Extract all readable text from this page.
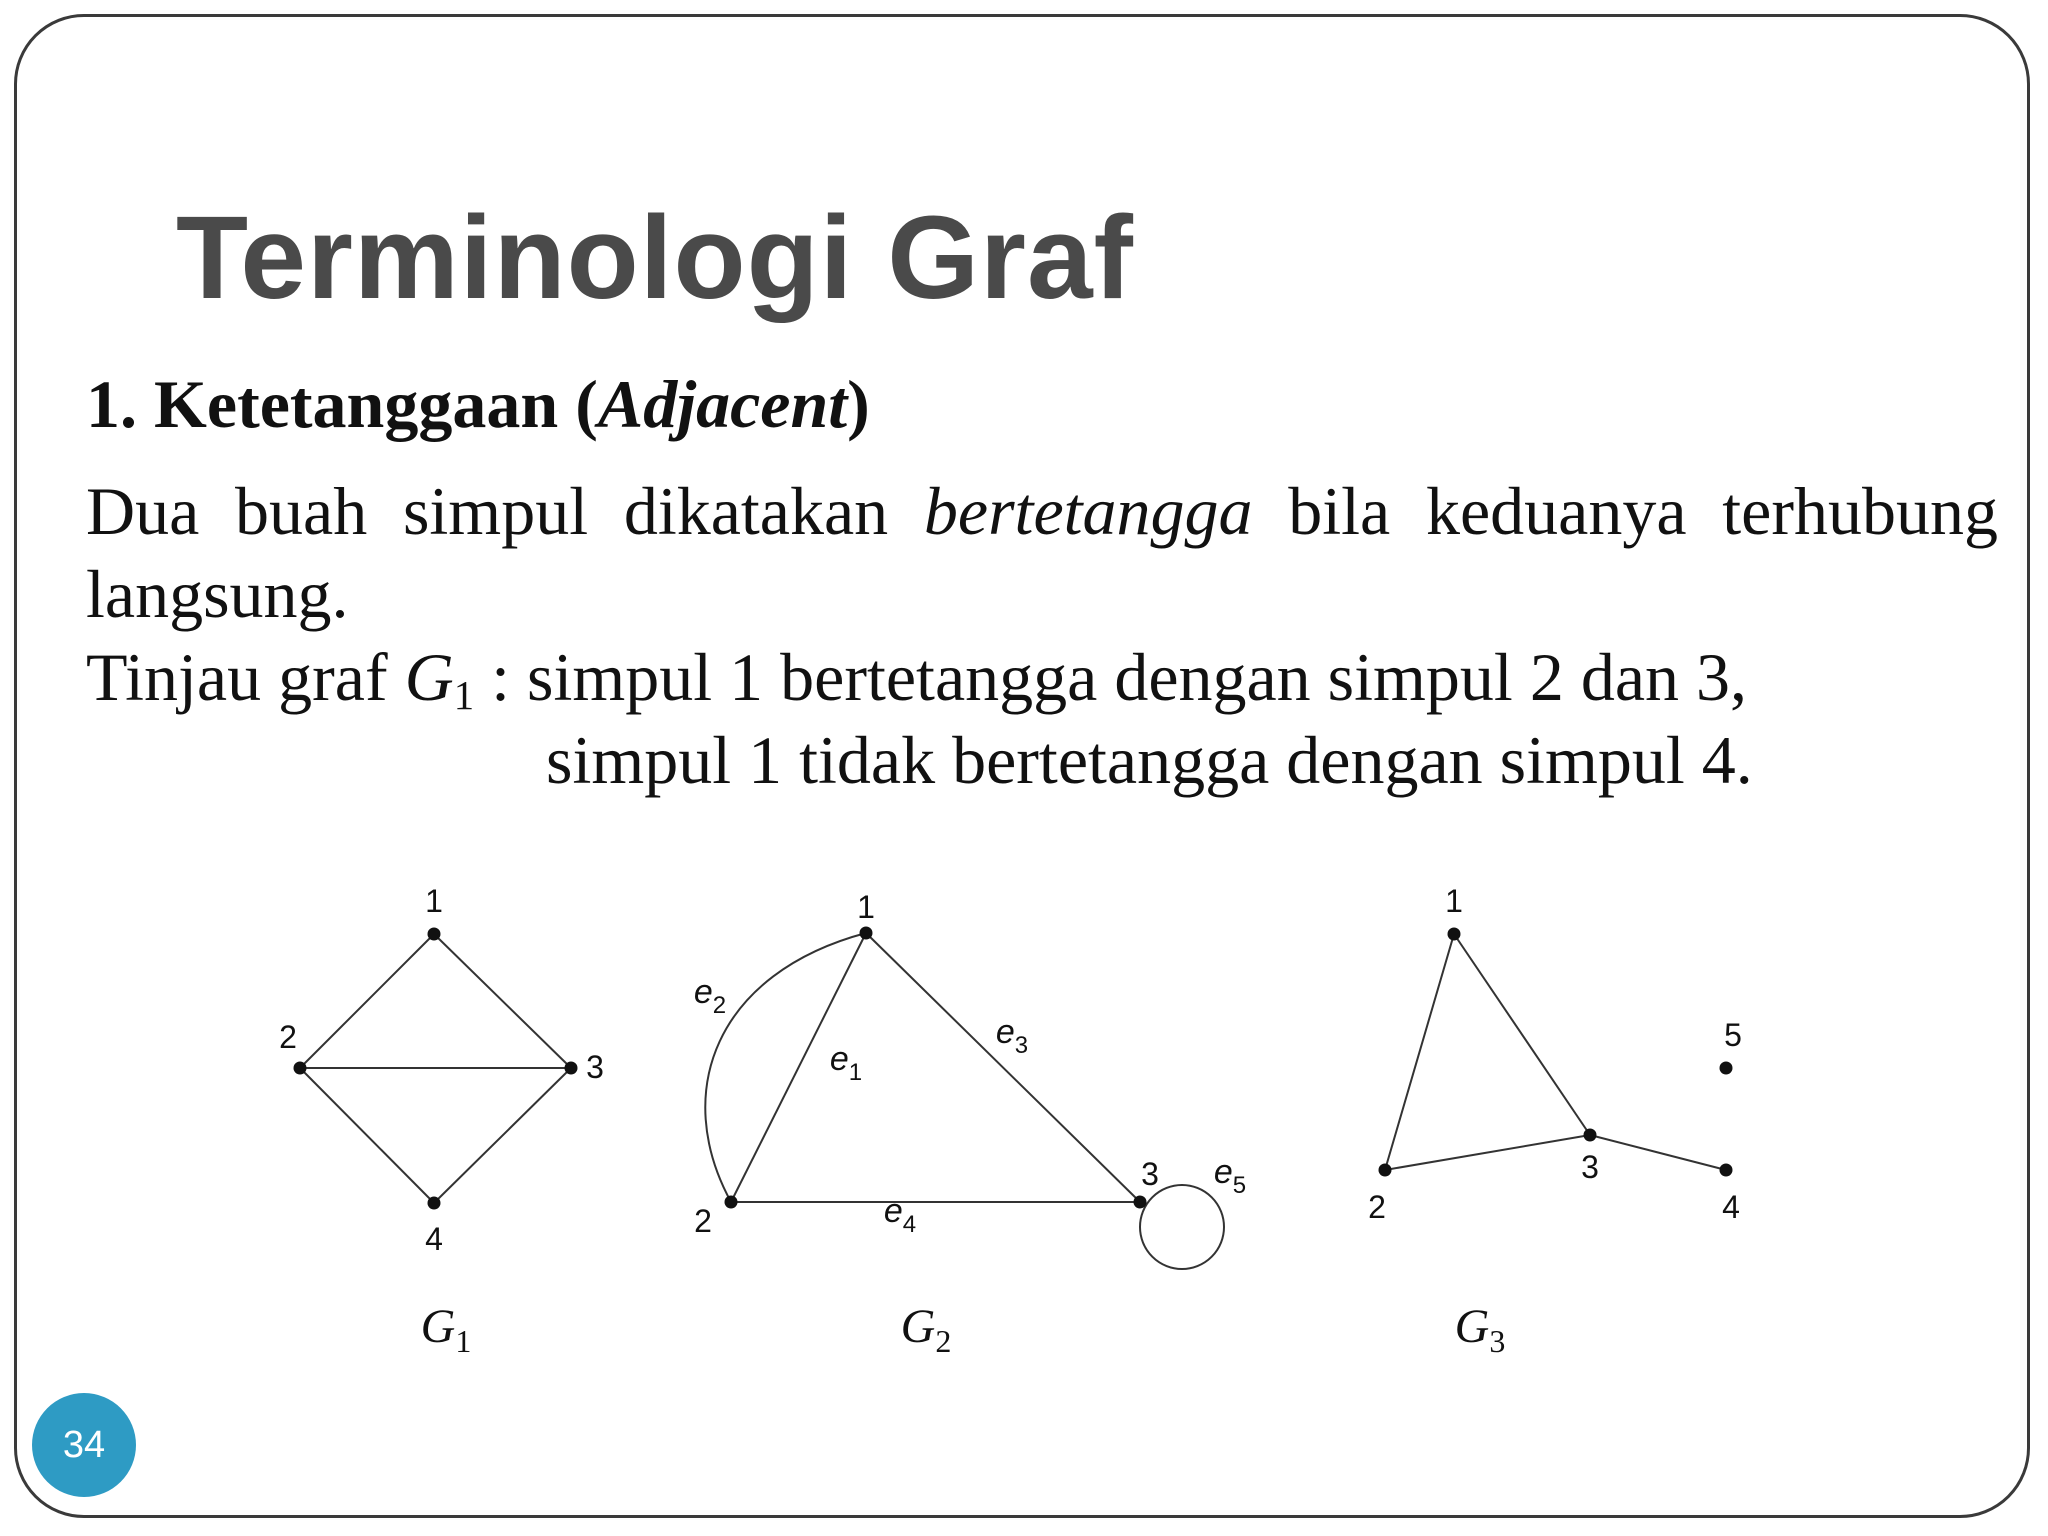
Terminologi Graf

1. Ketetanggaan (Adjacent)

Dua buah simpul dikatakan bertetangga bila keduanya terhubung

langsung.

Tinjau graf $G_1$ : simpul 1 bertetangga dengan simpul 2 dan 3,

simpul 1 tidak bertetangga dengan simpul 4.

1
2
3
4
$G_1$
$e_1$
$e_2$
$e_3$
$e_4$
$e_5$
1
2
3
$G_2$
1
2
3
4
5
$G_3$
34
